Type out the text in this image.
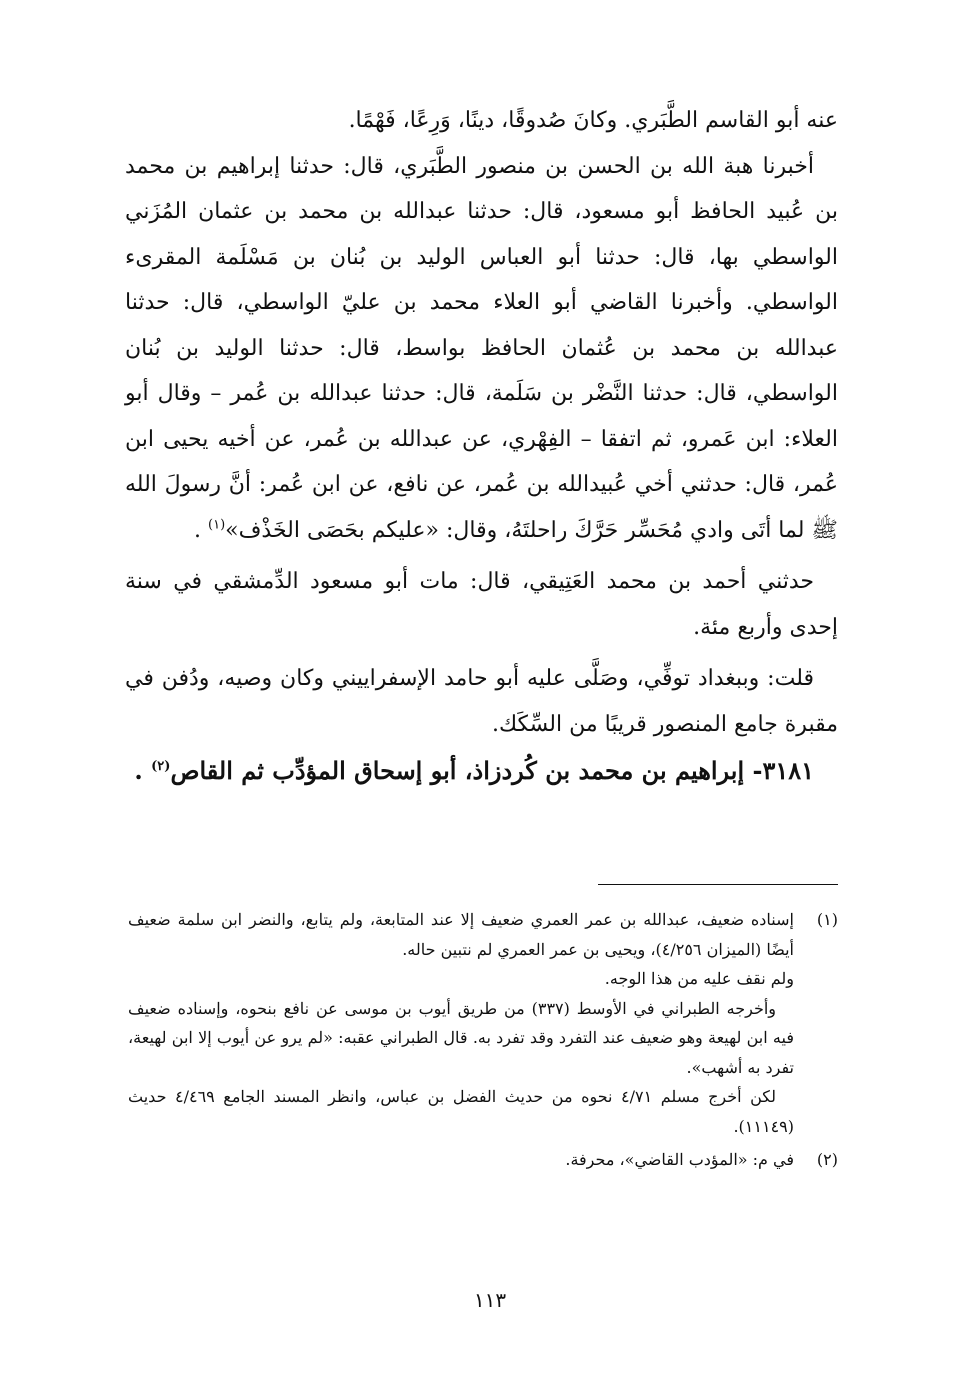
عنه أبو القاسم الطَّبَري. وكانَ صُدوقًا، دينًا، وَرِعًا، فَهْمًا.

أخبرنا هبة الله بن الحسن بن منصور الطَّبَري، قال: حدثنا إبراهيم بن محمد بن عُبيد الحافظ أبو مسعود، قال: حدثنا عبدالله بن محمد بن عثمان المُزَني الواسطي بها، قال: حدثنا أبو العباس الوليد بن بُنان بن مَسْلَمة المقرىء الواسطي. وأخبرنا القاضي أبو العلاء محمد بن عليّ الواسطي، قال: حدثنا عبدالله بن محمد بن عُثمان الحافظ بواسط، قال: حدثنا الوليد بن بُنان الواسطي، قال: حدثنا النَّضْر بن سَلَمة، قال: حدثنا عبدالله بن عُمر – وقال أبو العلاء: ابن عَمرو، ثم اتفقا – الفِهْري، عن عبدالله بن عُمر، عن أخيه يحيى ابن عُمر، قال: حدثني أخي عُبيدالله بن عُمر، عن نافع، عن ابن عُمر: أنَّ رسولَ الله ﷺ لما أتَى وادي مُحَسِّر حَرَّكَ راحلتَهُ، وقال: «عليكم بحَصَى الخَذْف»$^{(١)}$ .

حدثني أحمد بن محمد العَتِيقي، قال: مات أبو مسعود الدِّمشقي في سنة إحدى وأربع مئة.

قلت: وببغداد توفِّي، وصَلَّى عليه أبو حامد الإسفراييني وكان وصيه، ودُفن في مقبرة جامع المنصور قريبًا من السِّكَك.

٣١٨١- إبراهيم بن محمد بن كُردزاذ، أبو إسحاق المؤدِّب ثم القاص$^{(٢)}$ .

(١)
إسناده ضعيف، عبدالله بن عمر العمري ضعيف إلا عند المتابعة، ولم يتابع، والنضر ابن سلمة ضعيف أيضًا (الميزان ٤/٢٥٦)، ويحيى بن عمر العمري لم نتبين حاله.

ولم نقف عليه من هذا الوجه.

وأخرجه الطبراني في الأوسط (٣٣٧) من طريق أيوب بن موسى عن نافع بنحوه، وإسناده ضعيف فيه ابن لهيعة وهو ضعيف عند التفرد وقد تفرد به. قال الطبراني عقبه: «لم يرو عن أيوب إلا ابن لهيعة، تفرد به أشهب».

لكن أخرج مسلم ٤/٧١ نحوه من حديث الفضل بن عباس، وانظر المسند الجامع ٤/٤٦٩ حديث (١١١٤٩).

(٢)
في م: «المؤدب القاضي»، محرفة.
١١٣
